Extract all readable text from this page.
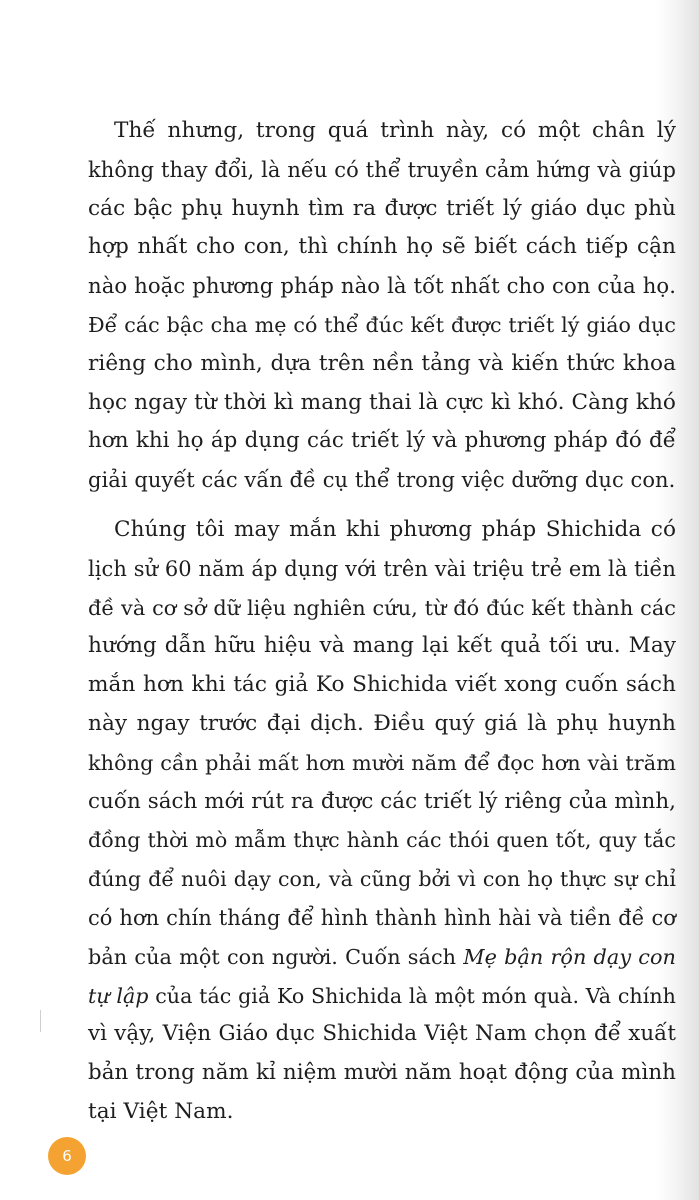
Thế nhưng, trong quá trình này, có một chân lý
không thay đổi, là nếu có thể truyền cảm hứng và giúp
các bậc phụ huynh tìm ra được triết lý giáo dục phù
hợp nhất cho con, thì chính họ sẽ biết cách tiếp cận
nào hoặc phương pháp nào là tốt nhất cho con của họ.
Để các bậc cha mẹ có thể đúc kết được triết lý giáo dục
riêng cho mình, dựa trên nền tảng và kiến thức khoa
học ngay từ thời kì mang thai là cực kì khó. Càng khó
hơn khi họ áp dụng các triết lý và phương pháp đó để
giải quyết các vấn đề cụ thể trong việc dưỡng dục con.

Chúng tôi may mắn khi phương pháp Shichida có
lịch sử 60 năm áp dụng với trên vài triệu trẻ em là tiền
đề và cơ sở dữ liệu nghiên cứu, từ đó đúc kết thành các
hướng dẫn hữu hiệu và mang lại kết quả tối ưu. May
mắn hơn khi tác giả Ko Shichida viết xong cuốn sách
này ngay trước đại dịch. Điều quý giá là phụ huynh
không cần phải mất hơn mười năm để đọc hơn vài trăm
cuốn sách mới rút ra được các triết lý riêng của mình,
đồng thời mò mẫm thực hành các thói quen tốt, quy tắc
đúng để nuôi dạy con, và cũng bởi vì con họ thực sự chỉ
có hơn chín tháng để hình thành hình hài và tiền đề cơ
bản của một con người. Cuốn sách Mẹ bận rộn dạy con
tự lập của tác giả Ko Shichida là một món quà. Và chính
vì vậy, Viện Giáo dục Shichida Việt Nam chọn để xuất
bản trong năm kỉ niệm mười năm hoạt động của mình
tại Việt Nam.

6
